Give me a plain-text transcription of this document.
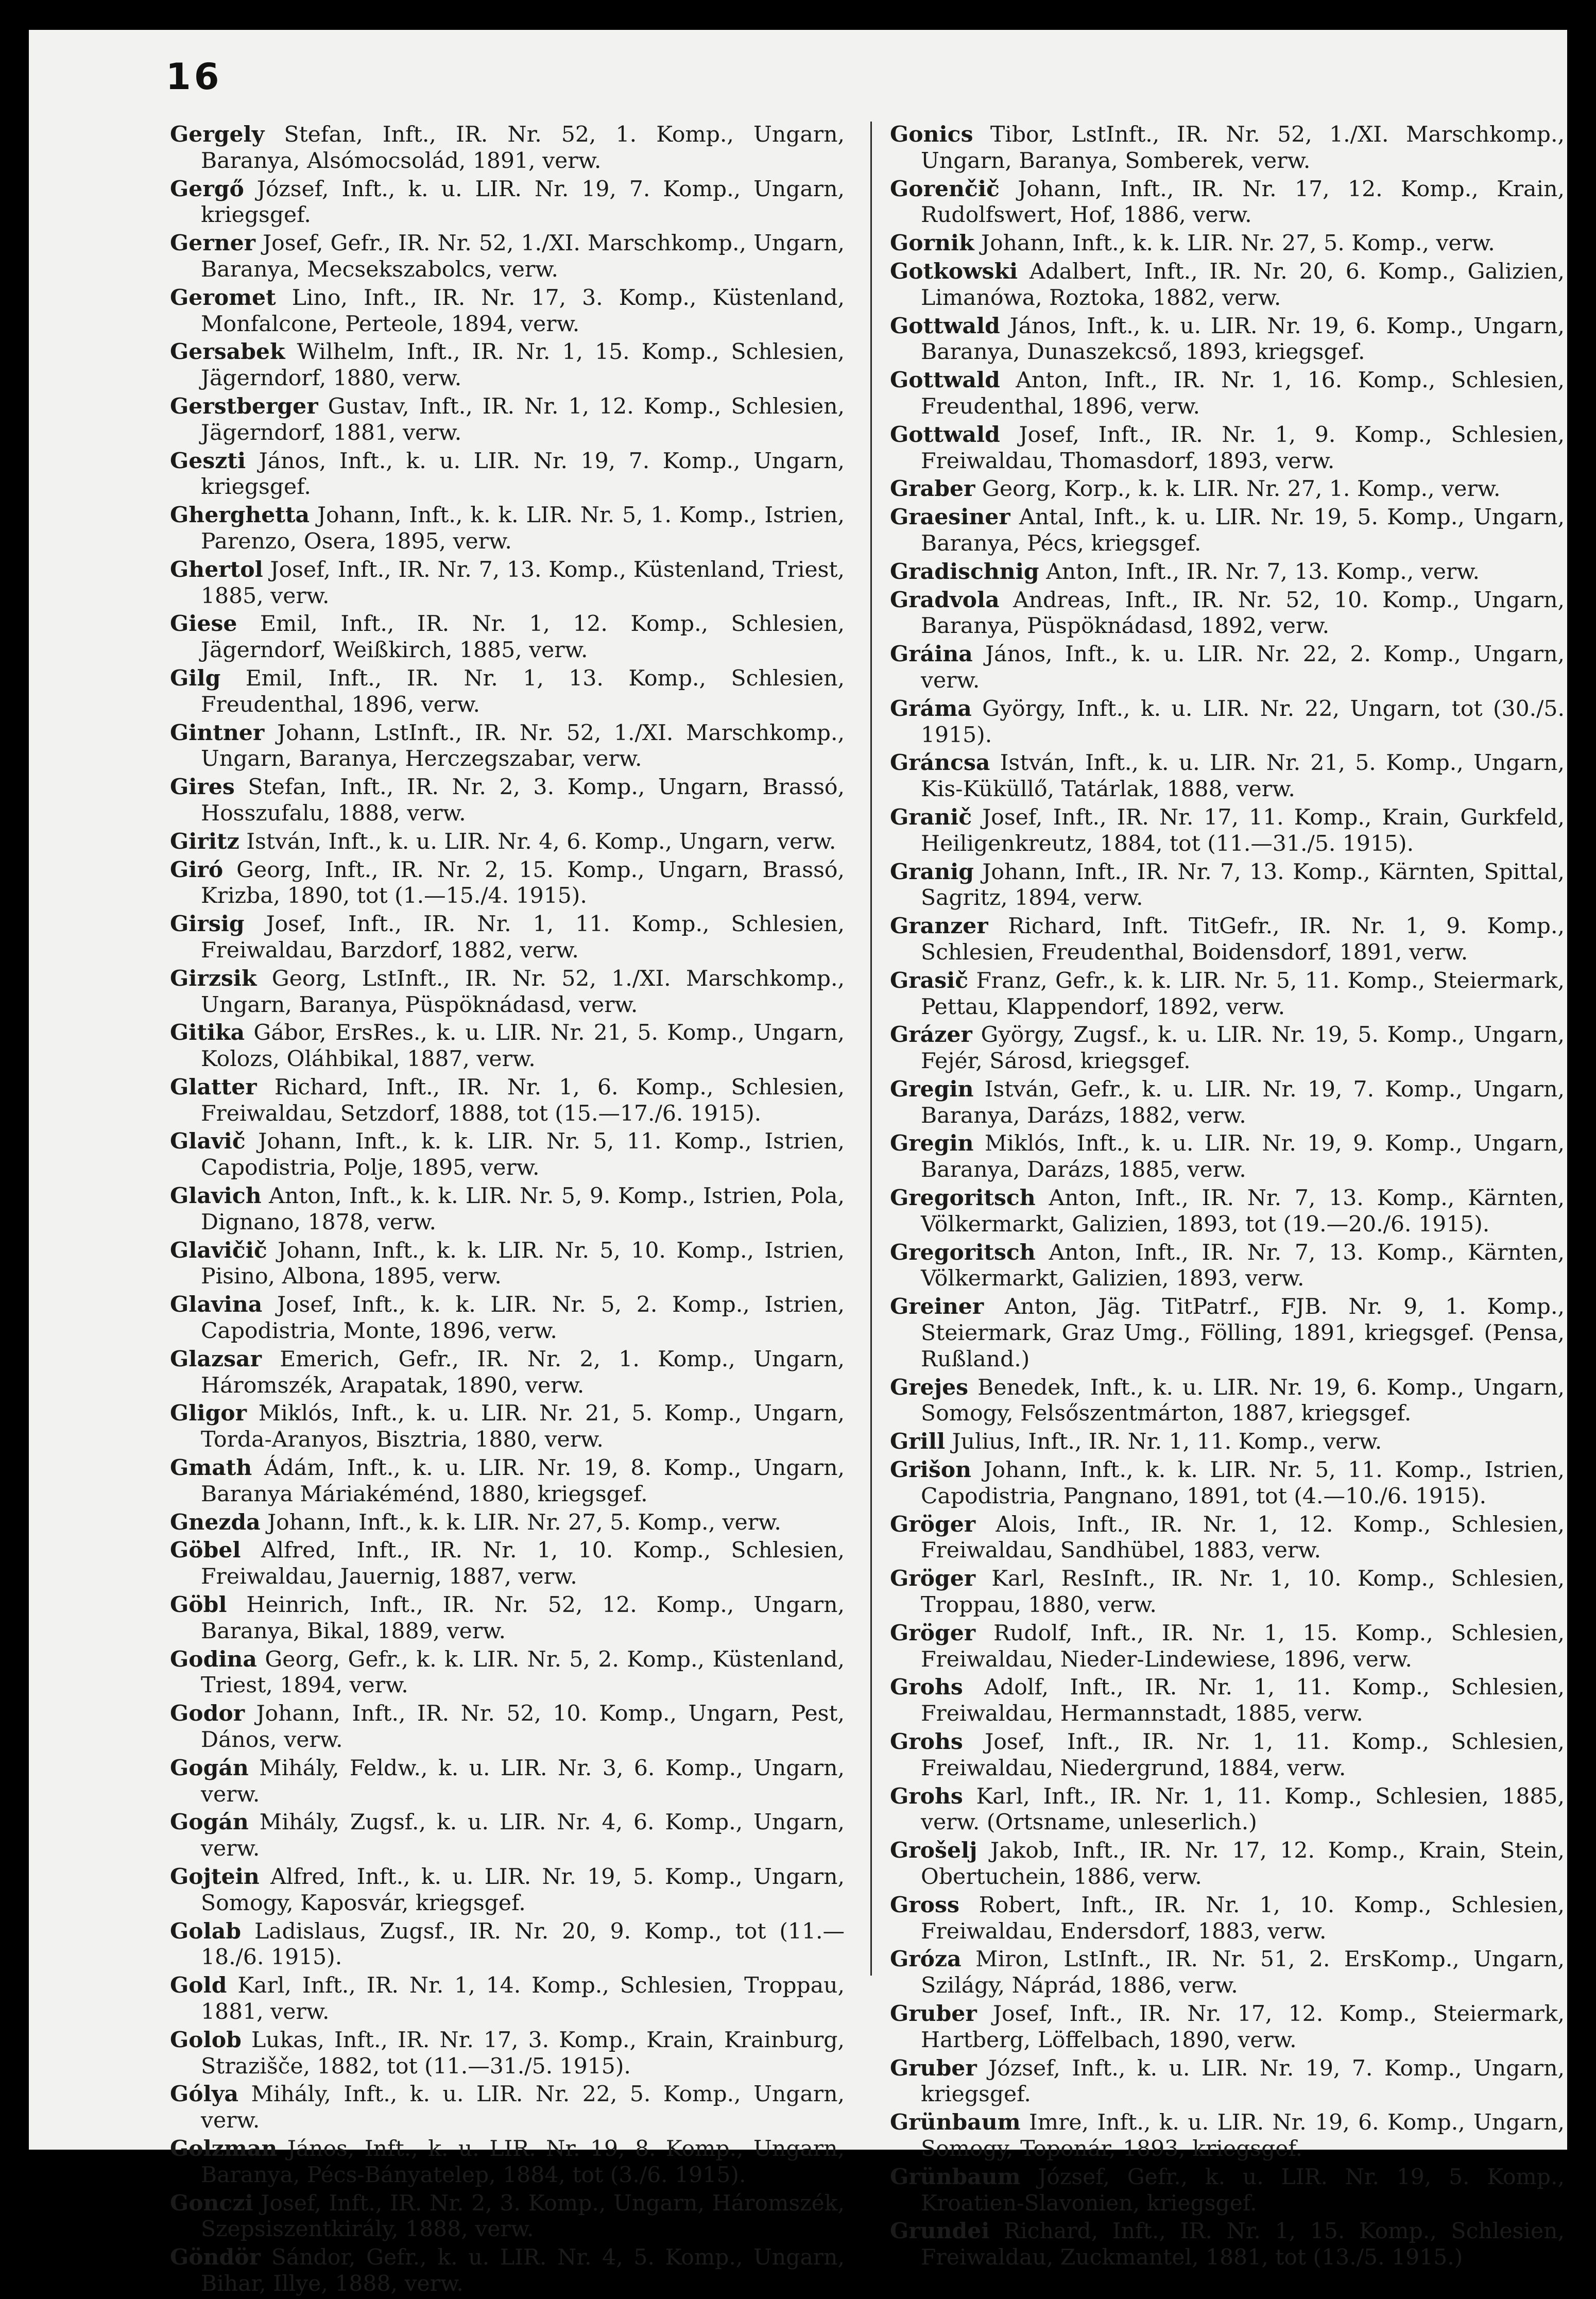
16

Gergely Stefan, Inft., IR. Nr. 52, 1. Komp., Ungarn, Baranya, Alsómocsolád, 1891, verw.

Gergő József, Inft., k. u. LIR. Nr. 19, 7. Komp., Ungarn, kriegsgef.

Gerner Josef, Gefr., IR. Nr. 52, 1./XI. Marschkomp., Ungarn, Baranya, Mecsekszabolcs, verw.

Geromet Lino, Inft., IR. Nr. 17, 3. Komp., Küstenland, Monfalcone, Perteole, 1894, verw.

Gersabek Wilhelm, Inft., IR. Nr. 1, 15. Komp., Schlesien, Jägerndorf, 1880, verw.

Gerstberger Gustav, Inft., IR. Nr. 1, 12. Komp., Schlesien, Jägerndorf, 1881, verw.

Geszti János, Inft., k. u. LIR. Nr. 19, 7. Komp., Ungarn, kriegsgef.

Gherghetta Johann, Inft., k. k. LIR. Nr. 5, 1. Komp., Istrien, Parenzo, Osera, 1895, verw.

Ghertol Josef, Inft., IR. Nr. 7, 13. Komp., Küstenland, Triest, 1885, verw.

Giese Emil, Inft., IR. Nr. 1, 12. Komp., Schlesien, Jägerndorf, Weißkirch, 1885, verw.

Gilg Emil, Inft., IR. Nr. 1, 13. Komp., Schlesien, Freudenthal, 1896, verw.

Gintner Johann, LstInft., IR. Nr. 52, 1./XI. Marschkomp., Ungarn, Baranya, Herczegszabar, verw.

Gires Stefan, Inft., IR. Nr. 2, 3. Komp., Ungarn, Brassó, Hosszufalu, 1888, verw.

Giritz István, Inft., k. u. LIR. Nr. 4, 6. Komp., Ungarn, verw.

Giró Georg, Inft., IR. Nr. 2, 15. Komp., Ungarn, Brassó, Krizba, 1890, tot (1.—15./4. 1915).

Girsig Josef, Inft., IR. Nr. 1, 11. Komp., Schlesien, Freiwaldau, Barzdorf, 1882, verw.

Girzsik Georg, LstInft., IR. Nr. 52, 1./XI. Marschkomp., Ungarn, Baranya, Püspöknádasd, verw.

Gitika Gábor, ErsRes., k. u. LIR. Nr. 21, 5. Komp., Ungarn, Kolozs, Oláhbikal, 1887, verw.

Glatter Richard, Inft., IR. Nr. 1, 6. Komp., Schlesien, Freiwaldau, Setzdorf, 1888, tot (15.—17./6. 1915).

Glavič Johann, Inft., k. k. LIR. Nr. 5, 11. Komp., Istrien, Capodistria, Polje, 1895, verw.

Glavich Anton, Inft., k. k. LIR. Nr. 5, 9. Komp., Istrien, Pola, Dignano, 1878, verw.

Glavičič Johann, Inft., k. k. LIR. Nr. 5, 10. Komp., Istrien, Pisino, Albona, 1895, verw.

Glavina Josef, Inft., k. k. LIR. Nr. 5, 2. Komp., Istrien, Capodistria, Monte, 1896, verw.

Glazsar Emerich, Gefr., IR. Nr. 2, 1. Komp., Ungarn, Háromszék, Arapatak, 1890, verw.

Gligor Miklós, Inft., k. u. LIR. Nr. 21, 5. Komp., Ungarn, Torda-Aranyos, Bisztria, 1880, verw.

Gmath Ádám, Inft., k. u. LIR. Nr. 19, 8. Komp., Ungarn, Baranya Máriakéménd, 1880, kriegsgef.

Gnezda Johann, Inft., k. k. LIR. Nr. 27, 5. Komp., verw.

Göbel Alfred, Inft., IR. Nr. 1, 10. Komp., Schlesien, Freiwaldau, Jauernig, 1887, verw.

Göbl Heinrich, Inft., IR. Nr. 52, 12. Komp., Ungarn, Baranya, Bikal, 1889, verw.

Godina Georg, Gefr., k. k. LIR. Nr. 5, 2. Komp., Küstenland, Triest, 1894, verw.

Godor Johann, Inft., IR. Nr. 52, 10. Komp., Ungarn, Pest, Dános, verw.

Gogán Mihály, Feldw., k. u. LIR. Nr. 3, 6. Komp., Ungarn, verw.

Gogán Mihály, Zugsf., k. u. LIR. Nr. 4, 6. Komp., Ungarn, verw.

Gojtein Alfred, Inft., k. u. LIR. Nr. 19, 5. Komp., Ungarn, Somogy, Kaposvár, kriegsgef.

Golab Ladislaus, Zugsf., IR. Nr. 20, 9. Komp., tot (11.—18./6. 1915).

Gold Karl, Inft., IR. Nr. 1, 14. Komp., Schlesien, Troppau, 1881, verw.

Golob Lukas, Inft., IR. Nr. 17, 3. Komp., Krain, Krainburg, Strazišče, 1882, tot (11.—31./5. 1915).

Gólya Mihály, Inft., k. u. LIR. Nr. 22, 5. Komp., Ungarn, verw.

Golzman János, Inft., k. u. LIR. Nr. 19, 8. Komp., Ungarn, Baranya, Pécs-Bányatelep, 1884, tot (3./6. 1915).

Gonczi Josef, Inft., IR. Nr. 2, 3. Komp., Ungarn, Háromszék, Szepsiszentkirály, 1888, verw.

Göndör Sándor, Gefr., k. u. LIR. Nr. 4, 5. Komp., Ungarn, Bihar, Illye, 1888, verw.

Gonics Tibor, LstInft., IR. Nr. 52, 1./XI. Marschkomp., Ungarn, Baranya, Somberek, verw.

Gorenčič Johann, Inft., IR. Nr. 17, 12. Komp., Krain, Rudolfswert, Hof, 1886, verw.

Gornik Johann, Inft., k. k. LIR. Nr. 27, 5. Komp., verw.

Gotkowski Adalbert, Inft., IR. Nr. 20, 6. Komp., Galizien, Limanówa, Roztoka, 1882, verw.

Gottwald János, Inft., k. u. LIR. Nr. 19, 6. Komp., Ungarn, Baranya, Dunaszekcső, 1893, kriegsgef.

Gottwald Anton, Inft., IR. Nr. 1, 16. Komp., Schlesien, Freudenthal, 1896, verw.

Gottwald Josef, Inft., IR. Nr. 1, 9. Komp., Schlesien, Freiwaldau, Thomasdorf, 1893, verw.

Graber Georg, Korp., k. k. LIR. Nr. 27, 1. Komp., verw.

Graesiner Antal, Inft., k. u. LIR. Nr. 19, 5. Komp., Ungarn, Baranya, Pécs, kriegsgef.

Gradischnig Anton, Inft., IR. Nr. 7, 13. Komp., verw.

Gradvola Andreas, Inft., IR. Nr. 52, 10. Komp., Ungarn, Baranya, Püspöknádasd, 1892, verw.

Gráina János, Inft., k. u. LIR. Nr. 22, 2. Komp., Ungarn, verw.

Gráma György, Inft., k. u. LIR. Nr. 22, Ungarn, tot (30./5. 1915).

Gráncsa István, Inft., k. u. LIR. Nr. 21, 5. Komp., Ungarn, Kis-Küküllő, Tatárlak, 1888, verw.

Granič Josef, Inft., IR. Nr. 17, 11. Komp., Krain, Gurkfeld, Heiligenkreutz, 1884, tot (11.—31./5. 1915).

Granig Johann, Inft., IR. Nr. 7, 13. Komp., Kärnten, Spittal, Sagritz, 1894, verw.

Granzer Richard, Inft. TitGefr., IR. Nr. 1, 9. Komp., Schlesien, Freudenthal, Boidensdorf, 1891, verw.

Grasič Franz, Gefr., k. k. LIR. Nr. 5, 11. Komp., Steiermark, Pettau, Klappendorf, 1892, verw.

Grázer György, Zugsf., k. u. LIR. Nr. 19, 5. Komp., Ungarn, Fejér, Sárosd, kriegsgef.

Gregin István, Gefr., k. u. LIR. Nr. 19, 7. Komp., Ungarn, Baranya, Darázs, 1882, verw.

Gregin Miklós, Inft., k. u. LIR. Nr. 19, 9. Komp., Ungarn, Baranya, Darázs, 1885, verw.

Gregoritsch Anton, Inft., IR. Nr. 7, 13. Komp., Kärnten, Völkermarkt, Galizien, 1893, tot (19.—20./6. 1915).

Gregoritsch Anton, Inft., IR. Nr. 7, 13. Komp., Kärnten, Völkermarkt, Galizien, 1893, verw.

Greiner Anton, Jäg. TitPatrf., FJB. Nr. 9, 1. Komp., Steiermark, Graz Umg., Fölling, 1891, kriegsgef. (Pensa, Rußland.)

Grejes Benedek, Inft., k. u. LIR. Nr. 19, 6. Komp., Ungarn, Somogy, Felsőszentmárton, 1887, kriegsgef.

Grill Julius, Inft., IR. Nr. 1, 11. Komp., verw.

Grišon Johann, Inft., k. k. LIR. Nr. 5, 11. Komp., Istrien, Capodistria, Pangnano, 1891, tot (4.—10./6. 1915).

Gröger Alois, Inft., IR. Nr. 1, 12. Komp., Schlesien, Freiwaldau, Sandhübel, 1883, verw.

Gröger Karl, ResInft., IR. Nr. 1, 10. Komp., Schlesien, Troppau, 1880, verw.

Gröger Rudolf, Inft., IR. Nr. 1, 15. Komp., Schlesien, Freiwaldau, Nieder-Lindewiese, 1896, verw.

Grohs Adolf, Inft., IR. Nr. 1, 11. Komp., Schlesien, Freiwaldau, Hermannstadt, 1885, verw.

Grohs Josef, Inft., IR. Nr. 1, 11. Komp., Schlesien, Freiwaldau, Niedergrund, 1884, verw.

Grohs Karl, Inft., IR. Nr. 1, 11. Komp., Schlesien, 1885, verw. (Ortsname, unleserlich.)

Grošelj Jakob, Inft., IR. Nr. 17, 12. Komp., Krain, Stein, Obertuchein, 1886, verw.

Gross Robert, Inft., IR. Nr. 1, 10. Komp., Schlesien, Freiwaldau, Endersdorf, 1883, verw.

Gróza Miron, LstInft., IR. Nr. 51, 2. ErsKomp., Ungarn, Szilágy, Náprád, 1886, verw.

Gruber Josef, Inft., IR. Nr. 17, 12. Komp., Steiermark, Hartberg, Löffelbach, 1890, verw.

Gruber József, Inft., k. u. LIR. Nr. 19, 7. Komp., Ungarn, kriegsgef.

Grünbaum Imre, Inft., k. u. LIR. Nr. 19, 6. Komp., Ungarn, Somogy, Toponár, 1893, kriegsgef.

Grünbaum József, Gefr., k. u. LIR. Nr. 19, 5. Komp., Kroatien-Slavonien, kriegsgef.

Grundei Richard, Inft., IR. Nr. 1, 15. Komp., Schlesien, Freiwaldau, Zuckmantel, 1881, tot (13./5. 1915.)
